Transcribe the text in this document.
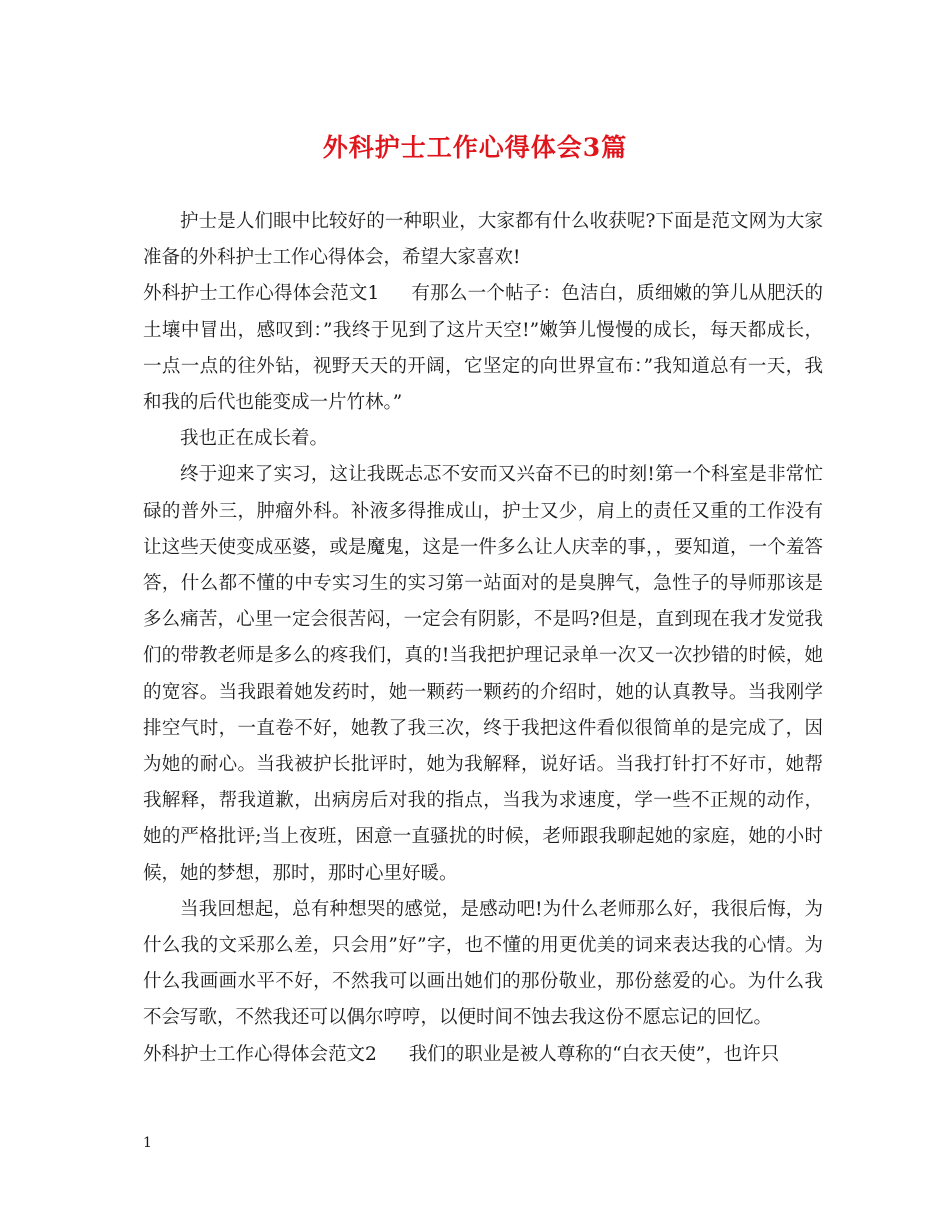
外科护士工作心得体会3篇

护士是人们眼中比较好的一种职业，大家都有什么收获呢?下面是范文网为大家准备的外科护士工作心得体会，希望大家喜欢!

外科护士工作心得体会范文1 有那么一个帖子：色洁白，质细嫩的笋儿从肥沃的土壤中冒出，感叹到：”我终于见到了这片天空!”嫩笋儿慢慢的成长，每天都成长，一点一点的往外钻，视野天天的开阔，它坚定的向世界宣布：”我知道总有一天，我和我的后代也能变成一片竹林。”

我也正在成长着。

终于迎来了实习，这让我既忐忑不安而又兴奋不已的时刻!第一个科室是非常忙碌的普外三，肿瘤外科。补液多得推成山，护士又少，肩上的责任又重的工作没有让这些天使变成巫婆，或是魔鬼，这是一件多么让人庆幸的事，，要知道，一个羞答答，什么都不懂的中专实习生的实习第一站面对的是臭脾气，急性子的导师那该是多么痛苦，心里一定会很苦闷，一定会有阴影，不是吗?但是，直到现在我才发觉我们的带教老师是多么的疼我们，真的!当我把护理记录单一次又一次抄错的时候，她的宽容。当我跟着她发药时，她一颗药一颗药的介绍时，她的认真教导。当我刚学排空气时，一直卷不好，她教了我三次，终于我把这件看似很简单的是完成了，因为她的耐心。当我被护长批评时，她为我解释，说好话。当我打针打不好市，她帮我解释，帮我道歉，出病房后对我的指点，当我为求速度，学一些不正规的动作，她的严格批评;当上夜班，困意一直骚扰的时候，老师跟我聊起她的家庭，她的小时候，她的梦想，那时，那时心里好暖。

当我回想起，总有种想哭的感觉，是感动吧!为什么老师那么好，我很后悔，为什么我的文采那么差，只会用”好”字，也不懂的用更优美的词来表达我的心情。为什么我画画水平不好，不然我可以画出她们的那份敬业，那份慈爱的心。为什么我不会写歌，不然我还可以偶尔哼哼，以便时间不蚀去我这份不愿忘记的回忆。

外科护士工作心得体会范文2 我们的职业是被人尊称的“白衣天使”，也许只

1
